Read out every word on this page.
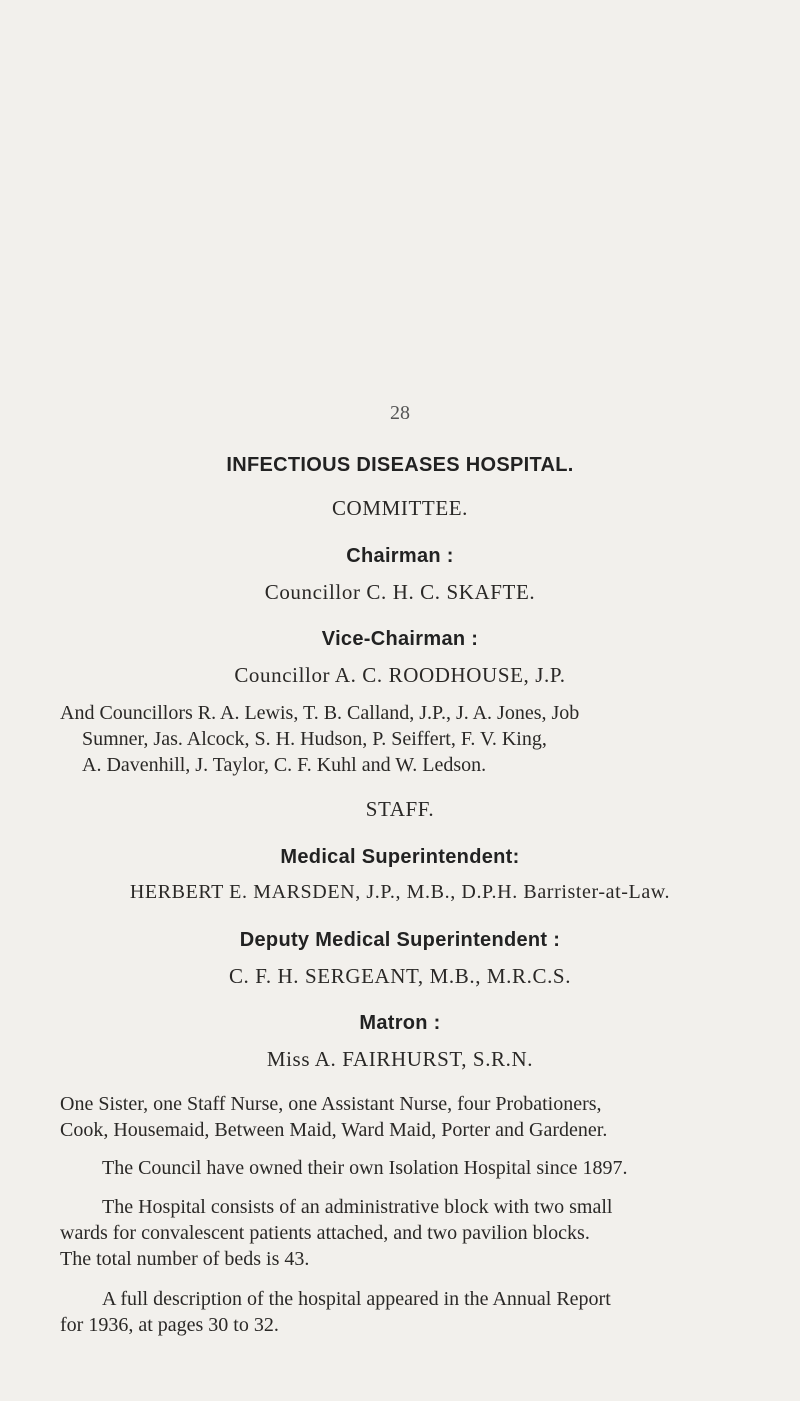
28
INFECTIOUS DISEASES HOSPITAL.
COMMITTEE.
Chairman :
Councillor C. H. C. SKAFTE.
Vice-Chairman :
Councillor A. C. ROODHOUSE, J.P.
And Councillors R. A. Lewis, T. B. Calland, J.P., J. A. Jones, Job
Sumner, Jas. Alcock, S. H. Hudson, P. Seiffert, F. V. King,
A. Davenhill, J. Taylor, C. F. Kuhl and W. Ledson.
STAFF.
Medical Superintendent:
HERBERT E. MARSDEN, J.P., M.B., D.P.H. Barrister-at-Law.
Deputy Medical Superintendent :
C. F. H. SERGEANT, M.B., M.R.C.S.
Matron :
Miss A. FAIRHURST, S.R.N.
One Sister, one Staff Nurse, one Assistant Nurse, four Probationers,
Cook, Housemaid, Between Maid, Ward Maid, Porter and Gardener.
The Council have owned their own Isolation Hospital since 1897.
The Hospital consists of an administrative block with two small
wards for convalescent patients attached, and two pavilion blocks.
The total number of beds is 43.
A full description of the hospital appeared in the Annual Report
for 1936, at pages 30 to 32.
